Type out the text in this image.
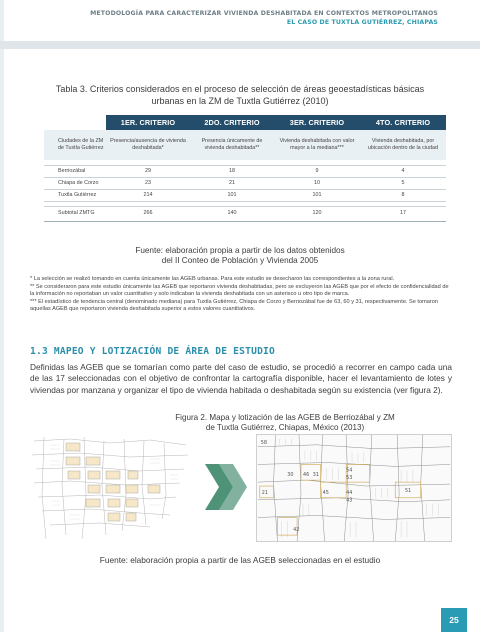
METODOLOGÍA PARA CARACTERIZAR VIVIENDA DESHABITADA EN CONTEXTOS METROPOLITANOS
EL CASO DE TUXTLA GUTIÉRREZ, CHIAPAS
Tabla 3. Criterios considerados en el proceso de selección de áreas geoestadísticas básicas
urbanas en la ZM de Tuxtla Gutiérrez (2010)
	1ER. CRITERIO	2DO. CRITERIO	3ER. CRITERIO	4TO. CRITERIO
Ciudades de la ZM de Tuxtla Gutiérrez	Presencia/ausencia de vivienda deshabitada*	Presencia únicamente de vivienda deshabitada**	Vivienda deshabitada con valor mayor a la mediana***	Vivienda deshabitada, por ubicación dentro de la ciudad

Berriozábal	29	18	9	4
Chiapa de Corzo	23	21	10	5
Tuxtla Gutiérrez	214	101	101	8

Subtotal ZMTG	266	140	120	17
Fuente: elaboración propia a partir de los datos obtenidos
del II Conteo de Población y Vivienda 2005

* La selección se realizó tomando en cuenta únicamente las AGEB urbanas. Para este estudio se desecharon las correspondientes a la zona rural.

** Se consideraron para este estudio únicamente las AGEB que reportaron vivienda deshabitadas, pero se excluyeron las AGEB que por el efecto de confidencialidad de la información no reportaban un valor cuantitativo y solo indicaban la vivienda deshabitada con un asterisco u otro tipo de marca.

*** El estadístico de tendencia central (denominado mediana) para Tuxtla Gutiérrez, Chiapa de Corzo y Berriozábal fue de 63, 60 y 31, respectivamente. Se tomaron aquellas AGEB que reportaron vivienda deshabitada superior a estos valores cuantitativos.

1.3 MAPEO Y LOTIZACIÓN DE ÁREA DE ESTUDIO

Definidas las AGEB que se tomarían como parte del caso de estudio, se procedió a recorrer en campo cada una de las 17 seleccionadas con el objetivo de confrontar la cartografía disponible, hacer el levantamiento de lotes y viviendas por manzana y organizar el tipo de vivienda habitada o deshabitada según su existencia (ver figura 2).

Figura 2. Mapa y lotización de las AGEB de Berriozábal y ZM
de Tuxtla Gutiérrez, Chiapas, México (2013)
58
46
30	31
45
21	44
43
42
54
53
51
Fuente: elaboración propia a partir de las AGEB seleccionadas en el estudio
25
